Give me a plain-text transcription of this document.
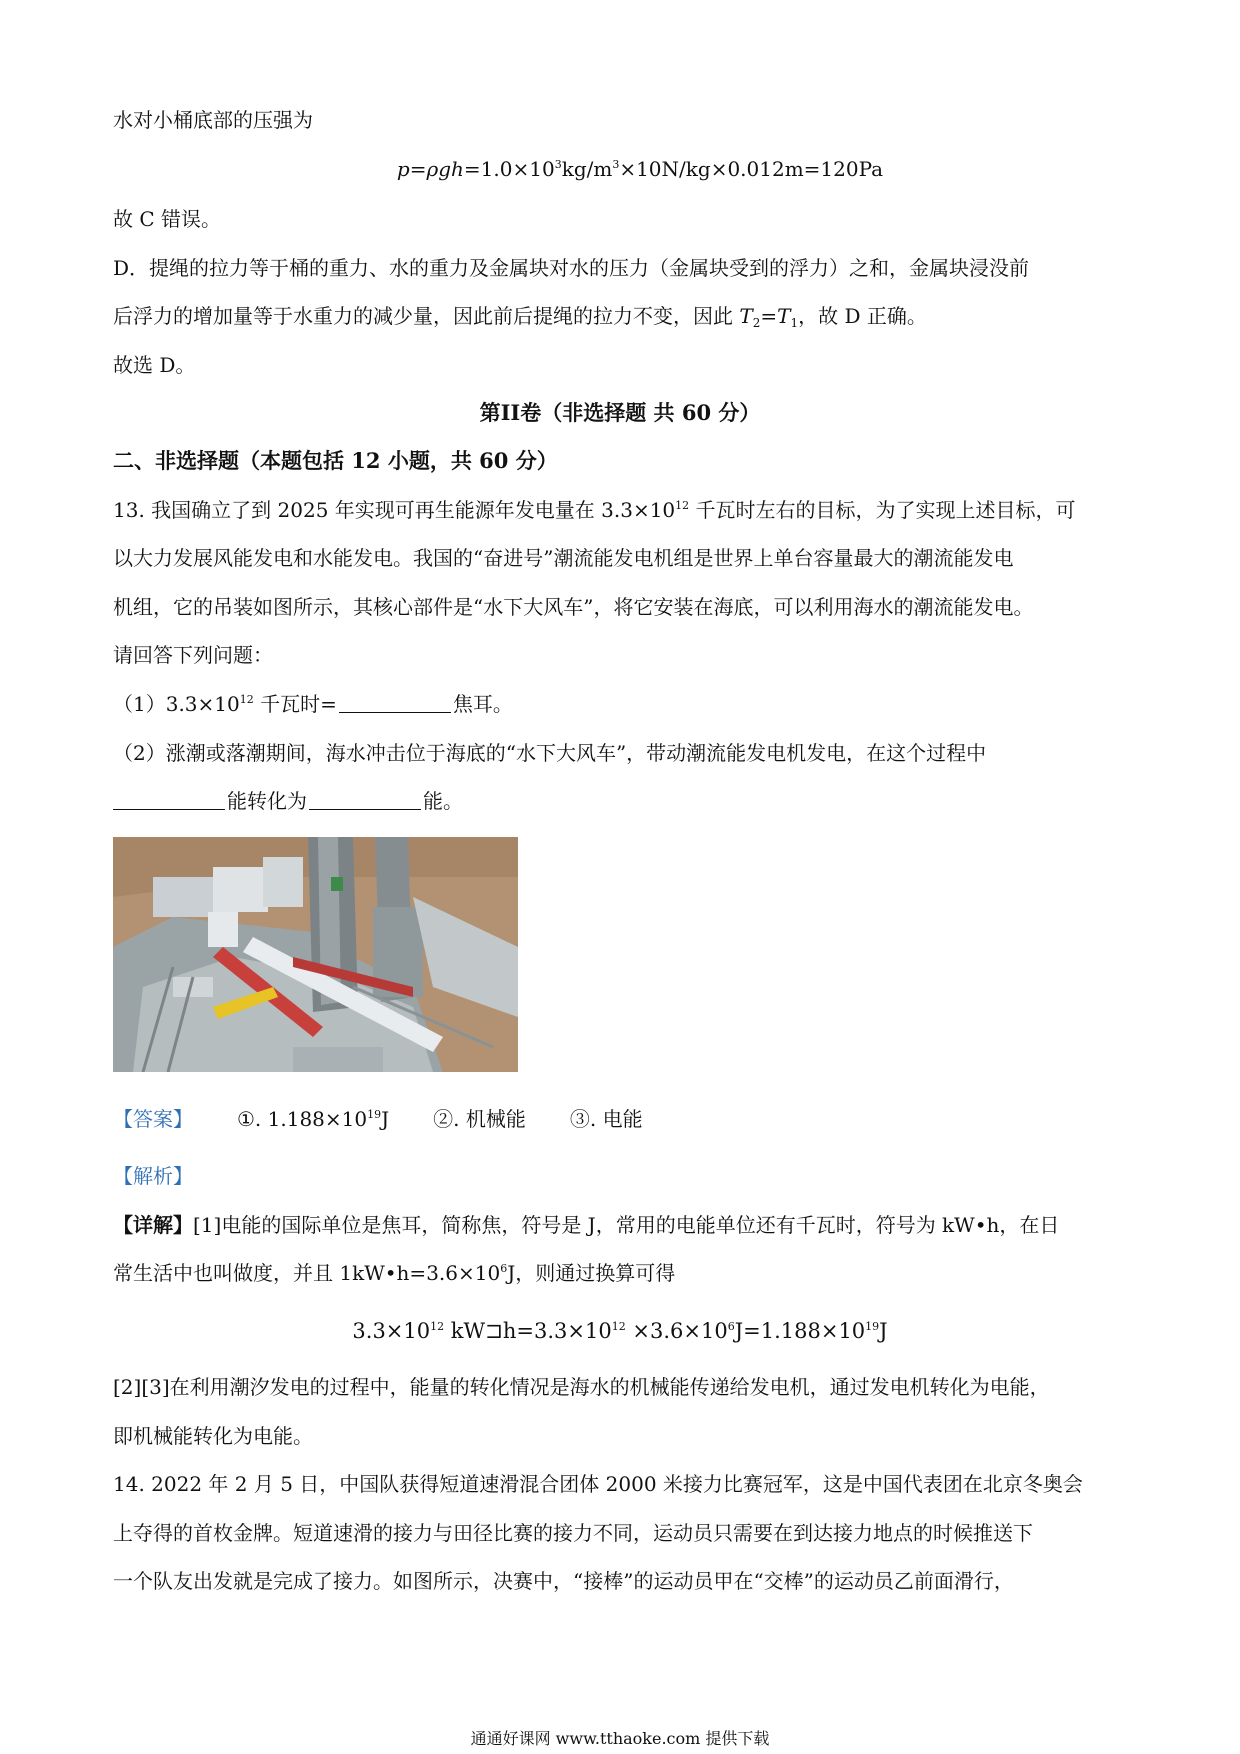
水对小桶底部的压强为
$p=\rho gh=1.0\times 10^3kg/m^3\times 10N/kg\times 0.012m=120Pa$
故 C 错误。
D．提绳的拉力等于桶的重力、水的重力及金属块对水的压力（金属块受到的浮力）之和，金属块浸没前
后浮力的增加量等于水重力的减少量，因此前后提绳的拉力不变，因此 $T_2=T_1$，故 D 正确。
故选 D。
第II卷（非选择题 共 60 分）
二、非选择题（本题包括 12 小题，共 60 分）
13. 我国确立了到 2025 年实现可再生能源年发电量在 $3.3\times 10^{12}$ 千瓦时左右的目标，为了实现上述目标，可
以大力发展风能发电和水能发电。我国的“奋进号”潮流能发电机组是世界上单台容量最大的潮流能发电
机组，它的吊装如图所示，其核心部件是“水下大风车”，将它安装在海底，可以利用海水的潮流能发电。
请回答下列问题：
$(1)3.3\times 10^{12}$ 千瓦时=	焦耳。
（2）涨潮或落潮期间，海水冲击位于海底的“水下大风车”，带动潮流能发电机发电，在这个过程中
能转化为	能。
【答案】 ①. $1.188\times 10^{19}J$ ②. 机械能 ③. 电能
【解析】
【详解】[1]电能的国际单位是焦耳，简称焦，符号是 J，常用的电能单位还有千瓦时，符号为 kW•h，在日
常生活中也叫做度，并且 $1kW•h=3.6\times 10^6J$，则通过换算可得
$3.3\times 10^{12}$ $kW⊐h=3.3\times 10^{12} \times 3.6\times 10^6J=1.188\times 10^{19}J$
[2][3]在利用潮汐发电的过程中，能量的转化情况是海水的机械能传递给发电机，通过发电机转化为电能，
即机械能转化为电能。
14. 2022 年 2 月 5 日，中国队获得短道速滑混合团体 2000 米接力比赛冠军，这是中国代表团在北京冬奥会
上夺得的首枚金牌。短道速滑的接力与田径比赛的接力不同，运动员只需要在到达接力地点的时候推送下
一个队友出发就是完成了接力。如图所示，决赛中，“接棒”的运动员甲在“交棒”的运动员乙前面滑行，
通通好课网 www.tthaoke.com 提供下载
